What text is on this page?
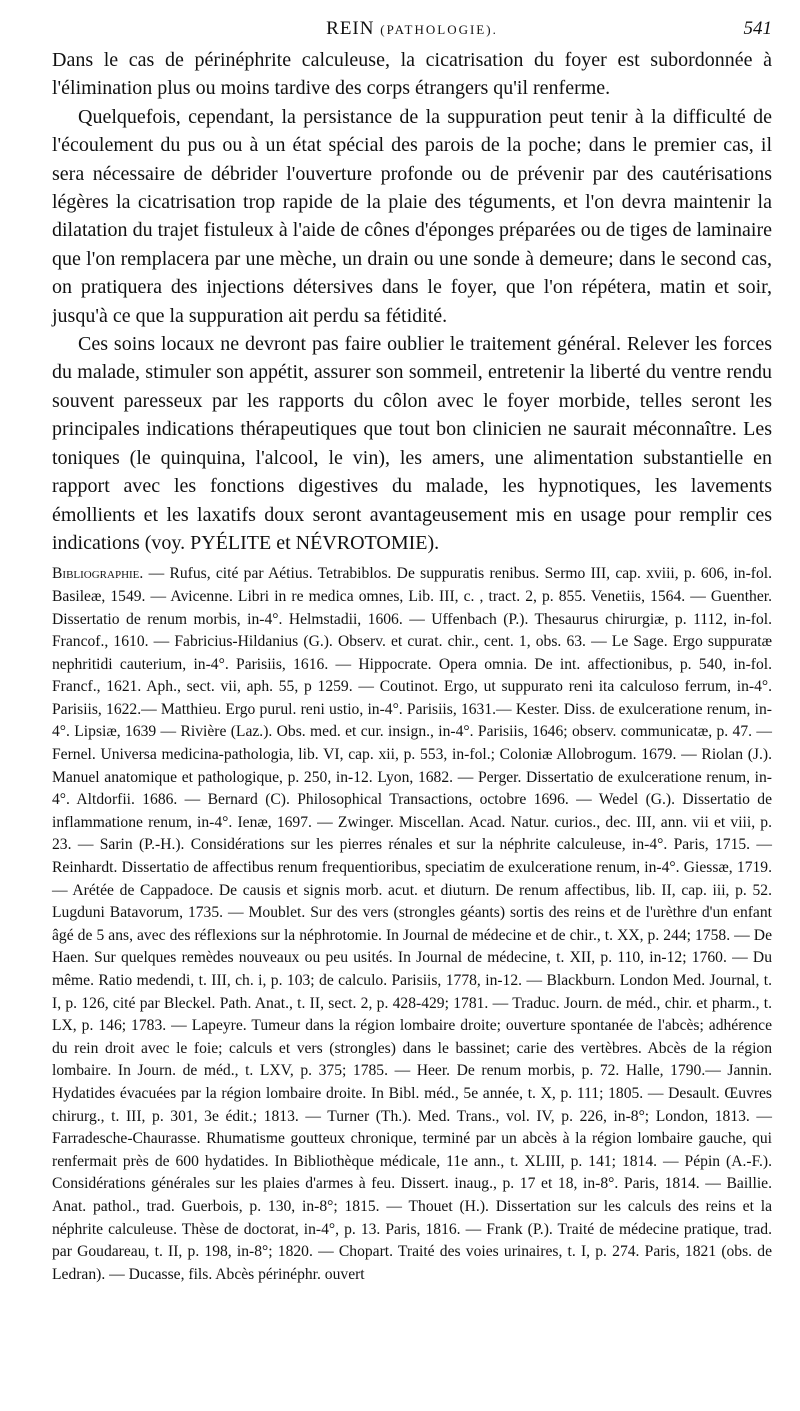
REIN (PATHOLOGIE).	541

Dans le cas de périnéphrite calculeuse, la cicatrisation du foyer est subordonnée à l'élimination plus ou moins tardive des corps étrangers qu'il renferme.

Quelquefois, cependant, la persistance de la suppuration peut tenir à la difficulté de l'écoulement du pus ou à un état spécial des parois de la poche; dans le premier cas, il sera nécessaire de débrider l'ouverture profonde ou de prévenir par des cautérisations légères la cicatrisation trop rapide de la plaie des téguments, et l'on devra maintenir la dilatation du trajet fistuleux à l'aide de cônes d'éponges préparées ou de tiges de laminaire que l'on remplacera par une mèche, un drain ou une sonde à demeure; dans le second cas, on pratiquera des injections détersives dans le foyer, que l'on répétera, matin et soir, jusqu'à ce que la suppuration ait perdu sa fétidité.

Ces soins locaux ne devront pas faire oublier le traitement général. Relever les forces du malade, stimuler son appétit, assurer son sommeil, entretenir la liberté du ventre rendu souvent paresseux par les rapports du côlon avec le foyer morbide, telles seront les principales indications thérapeutiques que tout bon clinicien ne saurait méconnaître. Les toniques (le quinquina, l'alcool, le vin), les amers, une alimentation substantielle en rapport avec les fonctions digestives du malade, les hypnotiques, les lavements émollients et les laxatifs doux seront avantageusement mis en usage pour remplir ces indications (voy. PYÉLITE et NÉVROTOMIE).

Bibliographie. — Rufus, cité par Aétius. Tetrabiblos. De suppuratis renibus. Sermo III, cap. xviii, p. 606, in-fol. Basileæ, 1549. — Avicenne. Libri in re medica omnes, Lib. III, c. , tract. 2, p. 855. Venetiis, 1564. — Guenther. Dissertatio de renum morbis, in-4°. Helmstadii, 1606. — Uffenbach (P.). Thesaurus chirurgiæ, p. 1112, in-fol. Francof., 1610. — Fabricius-Hildanius (G.). Observ. et curat. chir., cent. 1, obs. 63. — Le Sage. Ergo suppuratæ nephritidi cauterium, in-4°. Parisiis, 1616. — Hippocrate. Opera omnia. De int. affectionibus, p. 540, in-fol. Francf., 1621. Aph., sect. vii, aph. 55, p 1259. — Coutinot. Ergo, ut suppurato reni ita calculoso ferrum, in-4°. Parisiis, 1622.— Matthieu. Ergo purul. reni ustio, in-4°. Parisiis, 1631.— Kester. Diss. de exulceratione renum, in-4°. Lipsiæ, 1639 — Rivière (Laz.). Obs. med. et cur. insign., in-4°. Parisiis, 1646; observ. communicatæ, p. 47. — Fernel. Universa medicina-pathologia, lib. VI, cap. xii, p. 553, in-fol.; Coloniæ Allobrogum. 1679. — Riolan (J.). Manuel anatomique et pathologique, p. 250, in-12. Lyon, 1682. — Perger. Dissertatio de exulceratione renum, in-4°. Altdorfii. 1686. — Bernard (C). Philosophical Transactions, octobre 1696. — Wedel (G.). Dissertatio de inflammatione renum, in-4°. Ienæ, 1697. — Zwinger. Miscellan. Acad. Natur. curios., dec. III, ann. vii et viii, p. 23. — Sarin (P.-H.). Considérations sur les pierres rénales et sur la néphrite calculeuse, in-4°. Paris, 1715. — Reinhardt. Dissertatio de affectibus renum frequentioribus, speciatim de exulceratione renum, in-4°. Giessæ, 1719. — Arétée de Cappadoce. De causis et signis morb. acut. et diuturn. De renum affectibus, lib. II, cap. iii, p. 52. Lugduni Batavorum, 1735. — Moublet. Sur des vers (strongles géants) sortis des reins et de l'urèthre d'un enfant âgé de 5 ans, avec des réflexions sur la néphrotomie. In Journal de médecine et de chir., t. XX, p. 244; 1758. — De Haen. Sur quelques remèdes nouveaux ou peu usités. In Journal de médecine, t. XII, p. 110, in-12; 1760. — Du même. Ratio medendi, t. III, ch. i, p. 103; de calculo. Parisiis, 1778, in-12. — Blackburn. London Med. Journal, t. I, p. 126, cité par Bleckel. Path. Anat., t. II, sect. 2, p. 428-429; 1781. — Traduc. Journ. de méd., chir. et pharm., t. LX, p. 146; 1783. — Lapeyre. Tumeur dans la région lombaire droite; ouverture spontanée de l'abcès; adhérence du rein droit avec le foie; calculs et vers (strongles) dans le bassinet; carie des vertèbres. Abcès de la région lombaire. In Journ. de méd., t. LXV, p. 375; 1785. — Heer. De renum morbis, p. 72. Halle, 1790.— Jannin. Hydatides évacuées par la région lombaire droite. In Bibl. méd., 5e année, t. X, p. 111; 1805. — Desault. Œuvres chirurg., t. III, p. 301, 3e édit.; 1813. — Turner (Th.). Med. Trans., vol. IV, p. 226, in-8°; London, 1813. — Farradesche-Chaurasse. Rhumatisme goutteux chronique, terminé par un abcès à la région lombaire gauche, qui renfermait près de 600 hydatides. In Bibliothèque médicale, 11e ann., t. XLIII, p. 141; 1814. — Pépin (A.-F.). Considérations générales sur les plaies d'armes à feu. Dissert. inaug., p. 17 et 18, in-8°. Paris, 1814. — Baillie. Anat. pathol., trad. Guerbois, p. 130, in-8°; 1815. — Thouet (H.). Dissertation sur les calculs des reins et la néphrite calculeuse. Thèse de doctorat, in-4°, p. 13. Paris, 1816. — Frank (P.). Traité de médecine pratique, trad. par Goudareau, t. II, p. 198, in-8°; 1820. — Chopart. Traité des voies urinaires, t. I, p. 274. Paris, 1821 (obs. de Ledran). — Ducasse, fils. Abcès périnéphr. ouvert
